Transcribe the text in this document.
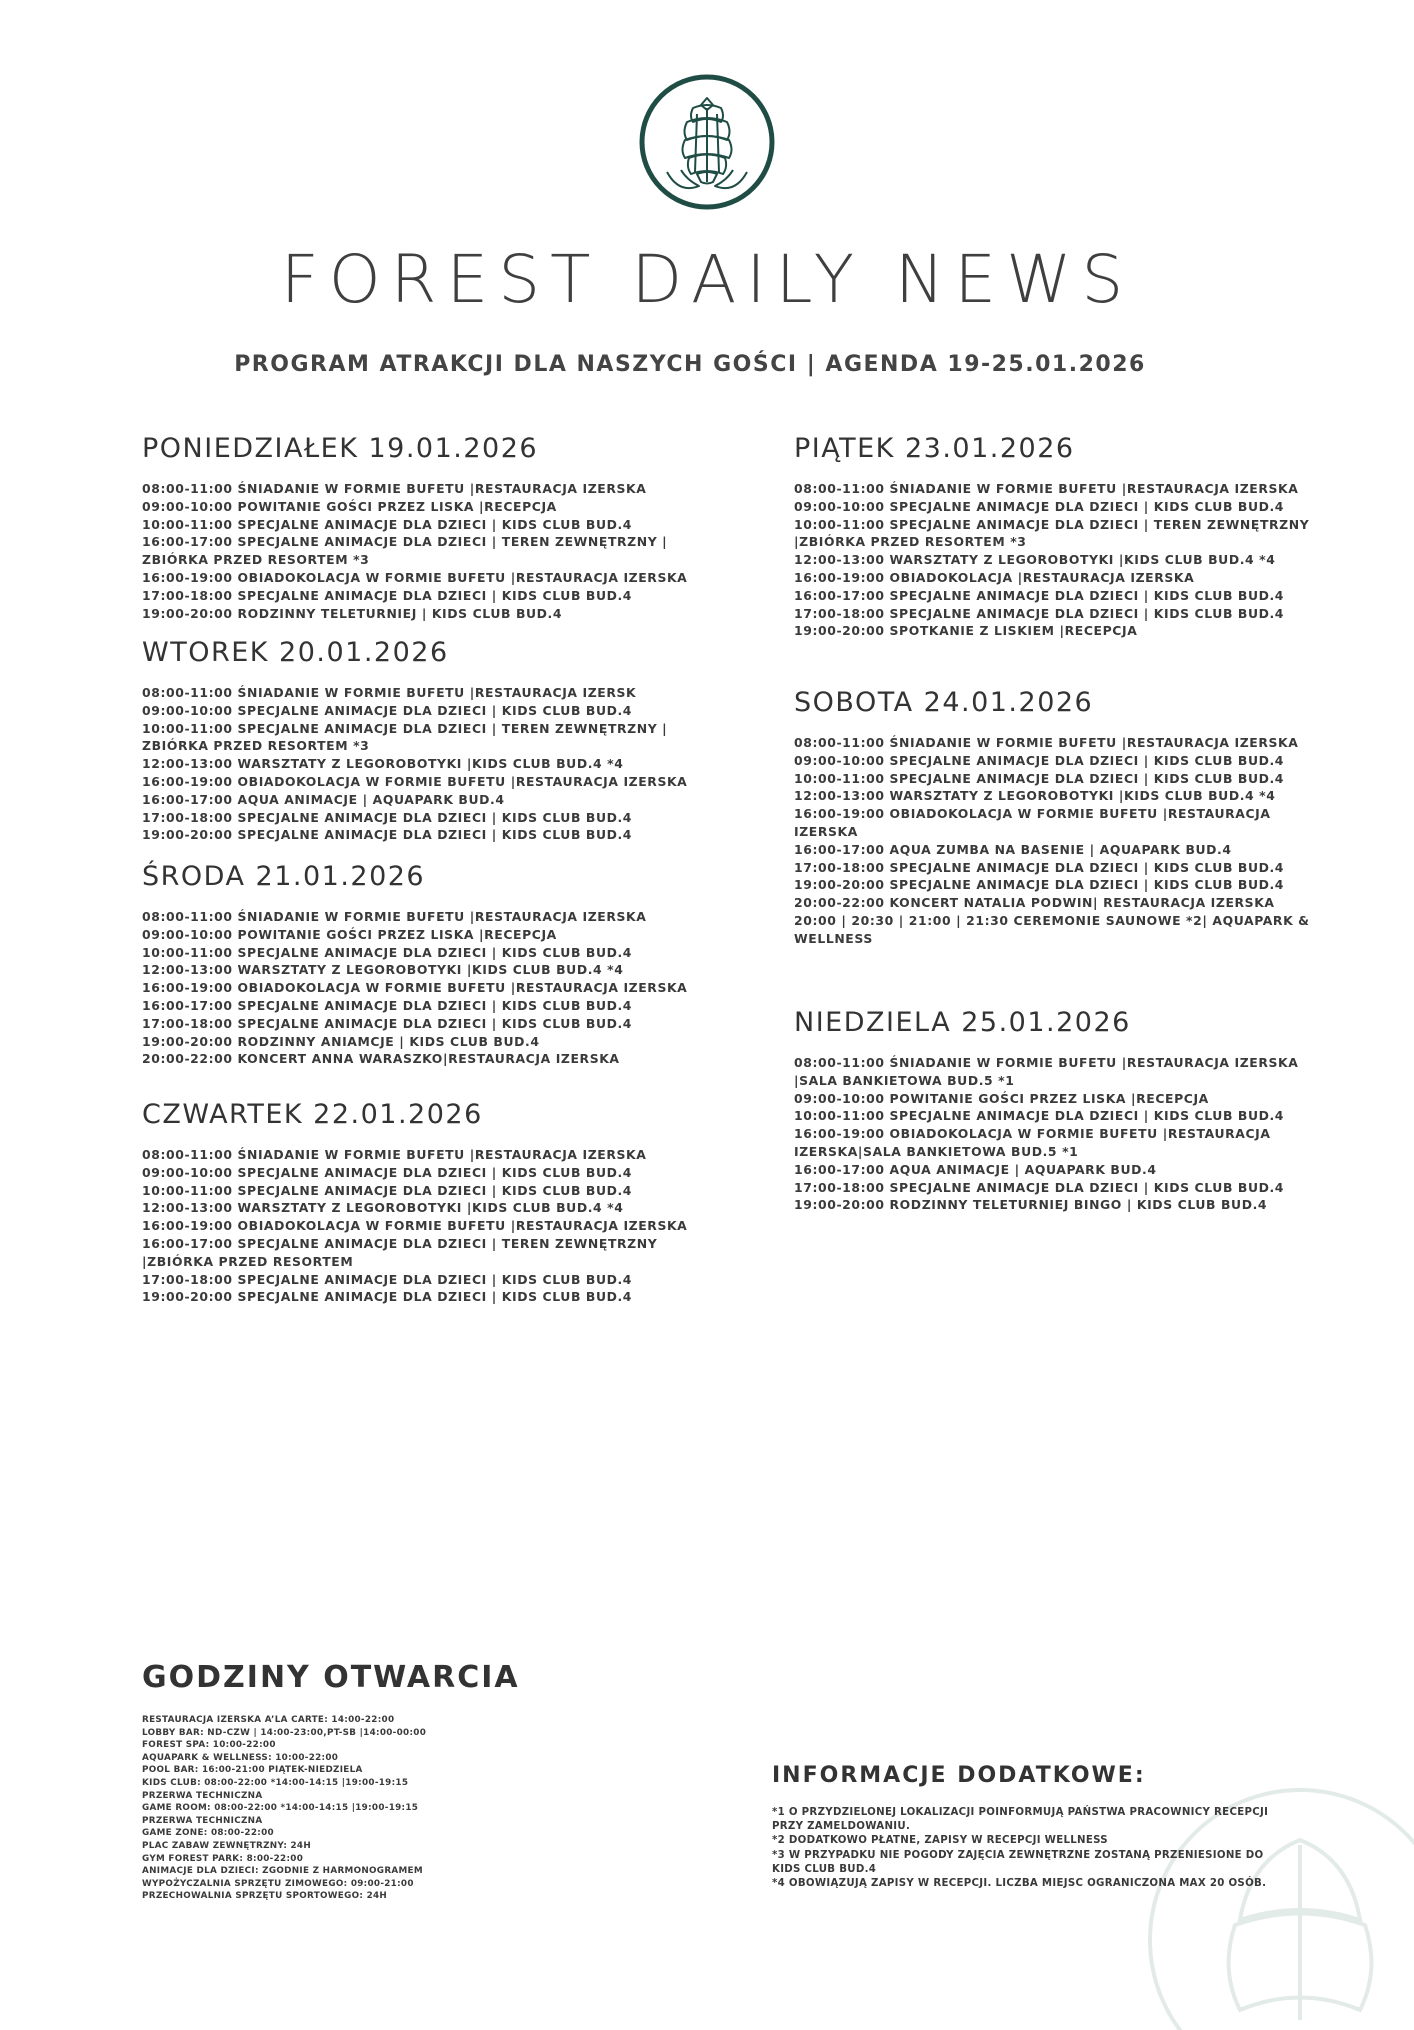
FOREST DAILY NEWS
PROGRAM ATRAKCJI DLA NASZYCH GOŚCI | AGENDA 19-25.01.2026
PONIEDZIAŁEK 19.01.2026
08:00-11:00 ŚNIADANIE W FORMIE BUFETU |RESTAURACJA IZERSKA
09:00-10:00 POWITANIE GOŚCI PRZEZ LISKA |RECEPCJA
10:00-11:00 SPECJALNE ANIMACJE DLA DZIECI | KIDS CLUB BUD.4
16:00-17:00 SPECJALNE ANIMACJE DLA DZIECI | TEREN ZEWNĘTRZNY | ZBIÓRKA PRZED RESORTEM *3
16:00-19:00 OBIADOKOLACJA W FORMIE BUFETU |RESTAURACJA IZERSKA
17:00-18:00 SPECJALNE ANIMACJE DLA DZIECI | KIDS CLUB BUD.4
19:00-20:00 RODZINNY TELETURNIEJ | KIDS CLUB BUD.4
WTOREK 20.01.2026
08:00-11:00 ŚNIADANIE W FORMIE BUFETU |RESTAURACJA IZERSK
09:00-10:00 SPECJALNE ANIMACJE DLA DZIECI | KIDS CLUB BUD.4
10:00-11:00 SPECJALNE ANIMACJE DLA DZIECI | TEREN ZEWNĘTRZNY | ZBIÓRKA PRZED RESORTEM *3
12:00-13:00 WARSZTATY Z LEGOROBOTYKI |KIDS CLUB BUD.4 *4
16:00-19:00 OBIADOKOLACJA W FORMIE BUFETU |RESTAURACJA IZERSKA
16:00-17:00 AQUA ANIMACJE | AQUAPARK BUD.4
17:00-18:00 SPECJALNE ANIMACJE DLA DZIECI | KIDS CLUB BUD.4
19:00-20:00 SPECJALNE ANIMACJE DLA DZIECI | KIDS CLUB BUD.4
ŚRODA 21.01.2026
08:00-11:00 ŚNIADANIE W FORMIE BUFETU |RESTAURACJA IZERSKA
09:00-10:00 POWITANIE GOŚCI PRZEZ LISKA |RECEPCJA
10:00-11:00 SPECJALNE ANIMACJE DLA DZIECI | KIDS CLUB BUD.4
12:00-13:00 WARSZTATY Z LEGOROBOTYKI |KIDS CLUB BUD.4 *4
16:00-19:00 OBIADOKOLACJA W FORMIE BUFETU |RESTAURACJA IZERSKA
16:00-17:00 SPECJALNE ANIMACJE DLA DZIECI | KIDS CLUB BUD.4
17:00-18:00 SPECJALNE ANIMACJE DLA DZIECI | KIDS CLUB BUD.4
19:00-20:00 RODZINNY ANIAMCJE | KIDS CLUB BUD.4
20:00-22:00 KONCERT ANNA WARASZKO|RESTAURACJA IZERSKA
CZWARTEK 22.01.2026
08:00-11:00 ŚNIADANIE W FORMIE BUFETU |RESTAURACJA IZERSKA
09:00-10:00 SPECJALNE ANIMACJE DLA DZIECI | KIDS CLUB BUD.4
10:00-11:00 SPECJALNE ANIMACJE DLA DZIECI | KIDS CLUB BUD.4
12:00-13:00 WARSZTATY Z LEGOROBOTYKI |KIDS CLUB BUD.4 *4
16:00-19:00 OBIADOKOLACJA W FORMIE BUFETU |RESTAURACJA IZERSKA
16:00-17:00 SPECJALNE ANIMACJE DLA DZIECI | TEREN ZEWNĘTRZNY |ZBIÓRKA PRZED RESORTEM
17:00-18:00 SPECJALNE ANIMACJE DLA DZIECI | KIDS CLUB BUD.4
19:00-20:00 SPECJALNE ANIMACJE DLA DZIECI | KIDS CLUB BUD.4
PIĄTEK 23.01.2026
08:00-11:00 ŚNIADANIE W FORMIE BUFETU |RESTAURACJA IZERSKA
09:00-10:00 SPECJALNE ANIMACJE DLA DZIECI | KIDS CLUB BUD.4
10:00-11:00 SPECJALNE ANIMACJE DLA DZIECI | TEREN ZEWNĘTRZNY |ZBIÓRKA PRZED RESORTEM *3
12:00-13:00 WARSZTATY Z LEGOROBOTYKI |KIDS CLUB BUD.4 *4
16:00-19:00 OBIADOKOLACJA |RESTAURACJA IZERSKA
16:00-17:00 SPECJALNE ANIMACJE DLA DZIECI | KIDS CLUB BUD.4
17:00-18:00 SPECJALNE ANIMACJE DLA DZIECI | KIDS CLUB BUD.4
19:00-20:00 SPOTKANIE Z LISKIEM |RECEPCJA
SOBOTA 24.01.2026
08:00-11:00 ŚNIADANIE W FORMIE BUFETU |RESTAURACJA IZERSKA
09:00-10:00 SPECJALNE ANIMACJE DLA DZIECI | KIDS CLUB BUD.4
10:00-11:00 SPECJALNE ANIMACJE DLA DZIECI | KIDS CLUB BUD.4
12:00-13:00 WARSZTATY Z LEGOROBOTYKI |KIDS CLUB BUD.4 *4
16:00-19:00 OBIADOKOLACJA W FORMIE BUFETU |RESTAURACJA IZERSKA
16:00-17:00 AQUA ZUMBA NA BASENIE | AQUAPARK BUD.4
17:00-18:00 SPECJALNE ANIMACJE DLA DZIECI | KIDS CLUB BUD.4
19:00-20:00 SPECJALNE ANIMACJE DLA DZIECI | KIDS CLUB BUD.4
20:00-22:00 KONCERT NATALIA PODWIN| RESTAURACJA IZERSKA
20:00 | 20:30 | 21:00 | 21:30 CEREMONIE SAUNOWE *2| AQUAPARK & WELLNESS
NIEDZIELA 25.01.2026
08:00-11:00 ŚNIADANIE W FORMIE BUFETU |RESTAURACJA IZERSKA |SALA BANKIETOWA BUD.5 *1
09:00-10:00 POWITANIE GOŚCI PRZEZ LISKA |RECEPCJA
10:00-11:00 SPECJALNE ANIMACJE DLA DZIECI | KIDS CLUB BUD.4
16:00-19:00 OBIADOKOLACJA W FORMIE BUFETU |RESTAURACJA IZERSKA|SALA BANKIETOWA BUD.5 *1
16:00-17:00 AQUA ANIMACJE | AQUAPARK BUD.4
17:00-18:00 SPECJALNE ANIMACJE DLA DZIECI | KIDS CLUB BUD.4
19:00-20:00 RODZINNY TELETURNIEJ BINGO | KIDS CLUB BUD.4
GODZINY OTWARCIA

RESTAURACJA IZERSKA A’LA CARTE: 14:00-22:00

LOBBY BAR: ND-CZW | 14:00-23:00,PT-SB |14:00-00:00

FOREST SPA: 10:00-22:00

AQUAPARK & WELLNESS: 10:00-22:00

POOL BAR: 16:00-21:00 PIĄTEK-NIEDZIELA

KIDS CLUB: 08:00-22:00 *14:00-14:15 |19:00-19:15

PRZERWA TECHNICZNA

GAME ROOM: 08:00-22:00 *14:00-14:15 |19:00-19:15

PRZERWA TECHNICZNA

GAME ZONE: 08:00-22:00

PLAC ZABAW ZEWNĘTRZNY: 24H

GYM FOREST PARK: 8:00-22:00

ANIMACJE DLA DZIECI: ZGODNIE Z HARMONOGRAMEM

WYPOŻYCZALNIA SPRZĘTU ZIMOWEGO: 09:00-21:00

PRZECHOWALNIA SPRZĘTU SPORTOWEGO: 24H

INFORMACJE DODATKOWE:

*1 O PRZYDZIELONEJ LOKALIZACJI POINFORMUJĄ PAŃSTWA PRACOWNICY RECEPCJI PRZY ZAMELDOWANIU.

*2 DODATKOWO PŁATNE, ZAPISY W RECEPCJI WELLNESS

*3 W PRZYPADKU NIE POGODY ZAJĘCIA ZEWNĘTRZNE ZOSTANĄ PRZENIESIONE DO KIDS CLUB BUD.4

*4 OBOWIĄZUJĄ ZAPISY W RECEPCJI. LICZBA MIEJSC OGRANICZONA MAX 20 OSÓB.
